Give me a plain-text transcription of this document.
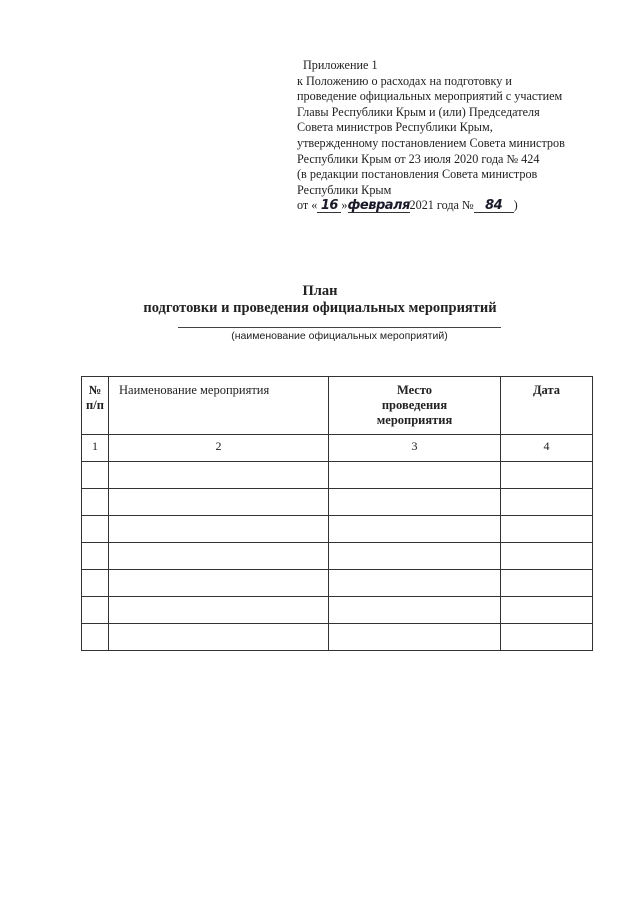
Приложение 1
к Положению о расходах на подготовку и
проведение официальных мероприятий с участием
Главы Республики Крым и (или) Председателя
Совета министров Республики Крым,
утвержденному постановлением Совета министров
Республики Крым от 23 июля 2020 года № 424
(в редакции постановления Совета министров
Республики Крым
от « 16 »февраля2021 года № 84 )
План
подготовки и проведения официальных мероприятий
(наименование официальных мероприятий)
№ п/п	Наименование мероприятия	Место проведения мероприятия	Дата

1	2	3	4
